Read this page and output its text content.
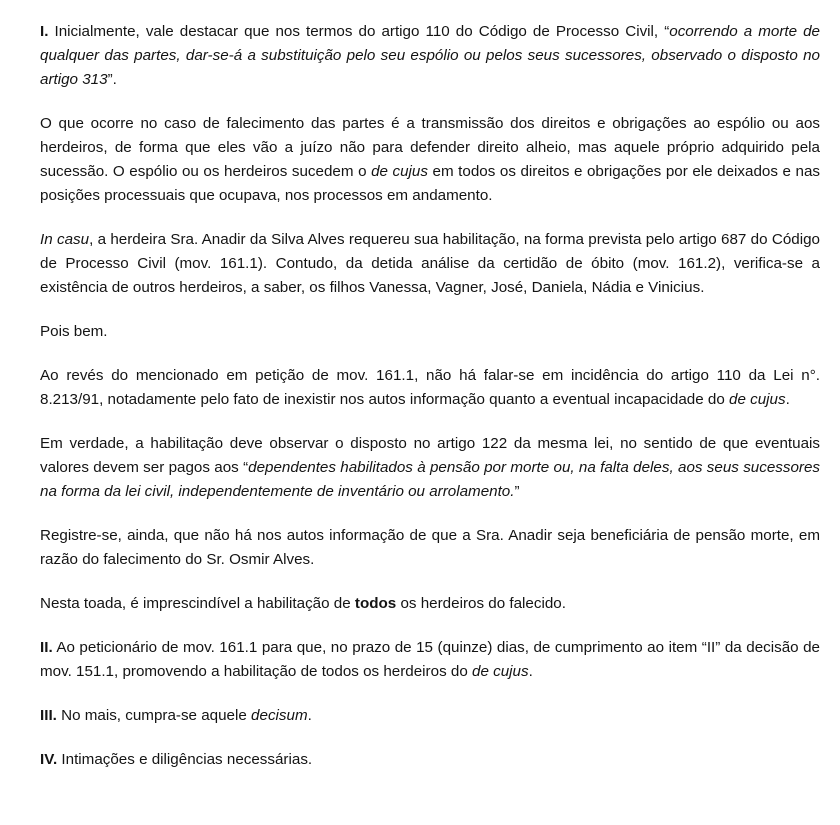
I. Inicialmente, vale destacar que nos termos do artigo 110 do Código de Processo Civil, “ocorrendo a morte de qualquer das partes, dar-se-á a substituição pelo seu espólio ou pelos seus sucessores, observado o disposto no artigo 313”.

O que ocorre no caso de falecimento das partes é a transmissão dos direitos e obrigações ao espólio ou aos herdeiros, de forma que eles vão a juízo não para defender direito alheio, mas aquele próprio adquirido pela sucessão. O espólio ou os herdeiros sucedem o de cujus em todos os direitos e obrigações por ele deixados e nas posições processuais que ocupava, nos processos em andamento.

In casu, a herdeira Sra. Anadir da Silva Alves requereu sua habilitação, na forma prevista pelo artigo 687 do Código de Processo Civil (mov. 161.1). Contudo, da detida análise da certidão de óbito (mov. 161.2), verifica-se a existência de outros herdeiros, a saber, os filhos Vanessa, Vagner, José, Daniela, Nádia e Vinicius.

Pois bem.

Ao revés do mencionado em petição de mov. 161.1, não há falar-se em incidência do artigo 110 da Lei n°. 8.213/91, notadamente pelo fato de inexistir nos autos informação quanto a eventual incapacidade do de cujus.

Em verdade, a habilitação deve observar o disposto no artigo 122 da mesma lei, no sentido de que eventuais valores devem ser pagos aos “dependentes habilitados à pensão por morte ou, na falta deles, aos seus sucessores na forma da lei civil, independentemente de inventário ou arrolamento.”

Registre-se, ainda, que não há nos autos informação de que a Sra. Anadir seja beneficiária de pensão morte, em razão do falecimento do Sr. Osmir Alves.

Nesta toada, é imprescindível a habilitação de todos os herdeiros do falecido.

II. Ao peticionário de mov. 161.1 para que, no prazo de 15 (quinze) dias, de cumprimento ao item “II” da decisão de mov. 151.1, promovendo a habilitação de todos os herdeiros do de cujus.

III. No mais, cumpra-se aquele decisum.

IV. Intimações e diligências necessárias.
